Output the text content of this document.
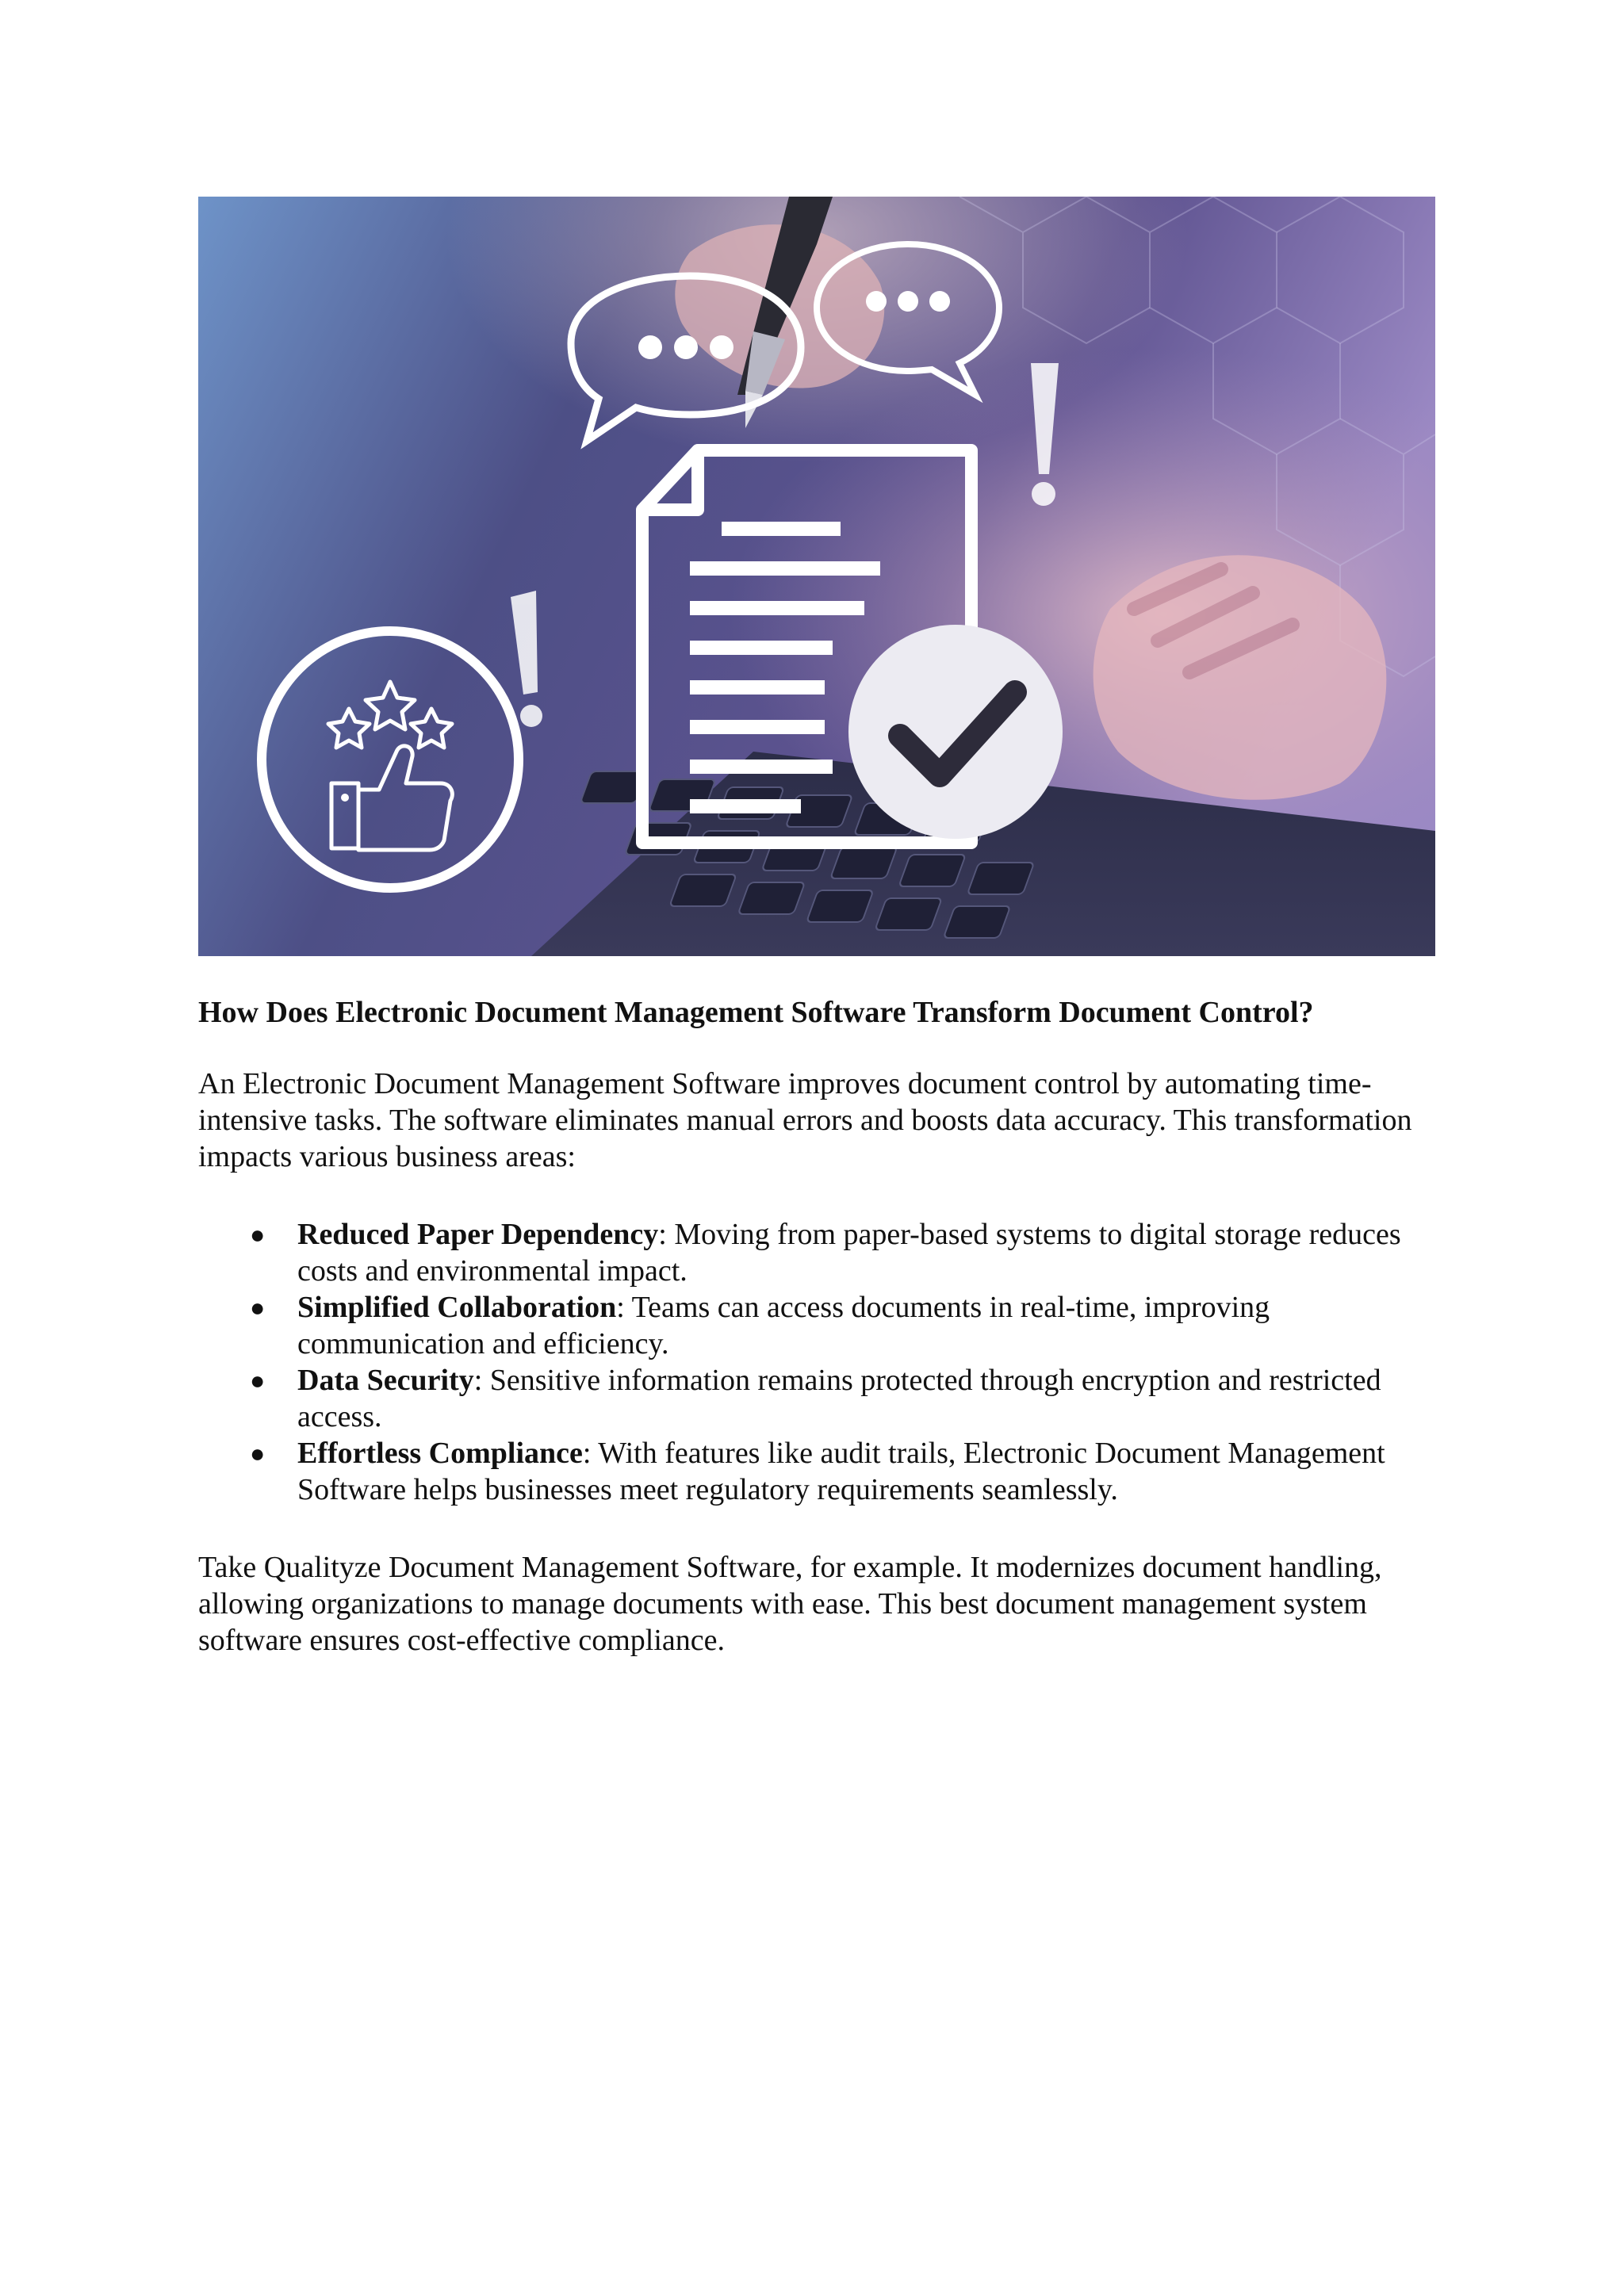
How Does Electronic Document Management Software Transform Document Control?

An Electronic Document Management Software improves document control by automating time-intensive tasks. The software eliminates manual errors and boosts data accuracy. This transformation impacts various business areas:

● Reduced Paper Dependency: Moving from paper-based systems to digital storage reduces costs and environmental impact.
● Simplified Collaboration: Teams can access documents in real-time, improving communication and efficiency.
● Data Security: Sensitive information remains protected through encryption and restricted access.
● Effortless Compliance: With features like audit trails, Electronic Document Management Software helps businesses meet regulatory requirements seamlessly.

Take Qualityze Document Management Software, for example. It modernizes document handling, allowing organizations to manage documents with ease. This best document management system software ensures cost-effective compliance.
